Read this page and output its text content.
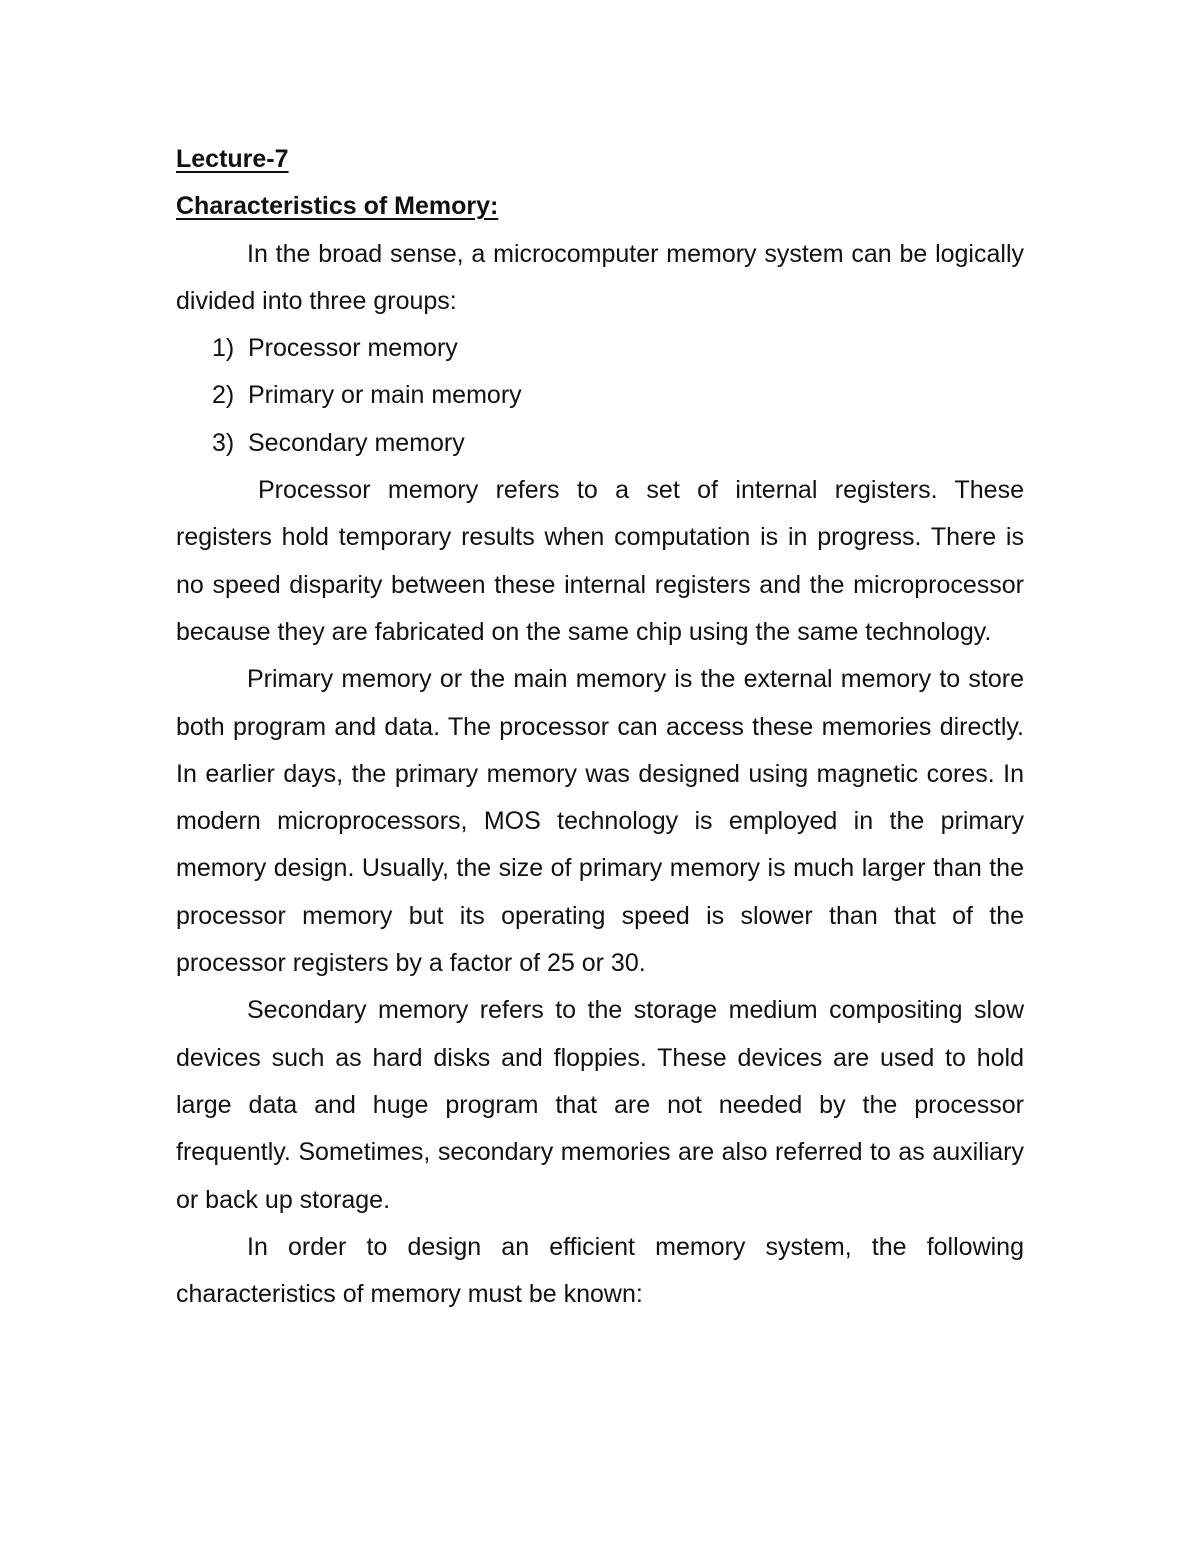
Lecture-7

Characteristics of Memory:

In the broad sense, a microcomputer memory system can be logically divided into three groups:

1) Processor memory
2) Primary or main memory
3) Secondary memory

Processor memory refers to a set of internal registers. These registers hold temporary results when computation is in progress. There is no speed disparity between these internal registers and the microprocessor because they are fabricated on the same chip using the same technology.

Primary memory or the main memory is the external memory to store both program and data. The processor can access these memories directly. In earlier days, the primary memory was designed using magnetic cores. In modern microprocessors, MOS technology is employed in the primary memory design. Usually, the size of primary memory is much larger than the processor memory but its operating speed is slower than that of the processor registers by a factor of 25 or 30.

Secondary memory refers to the storage medium compositing slow devices such as hard disks and floppies. These devices are used to hold large data and huge program that are not needed by the processor frequently. Sometimes, secondary memories are also referred to as auxiliary or back up storage.

In order to design an efficient memory system, the following characteristics of memory must be known:
